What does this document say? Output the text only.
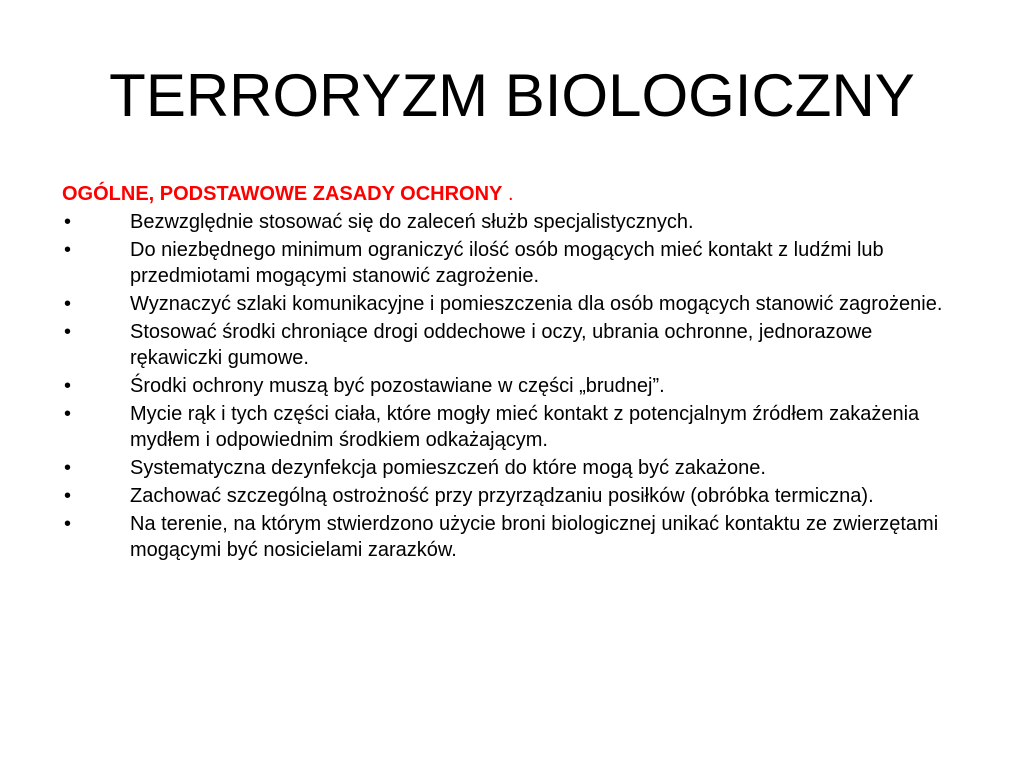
TERRORYZM BIOLOGICZNY
OGÓLNE, PODSTAWOWE ZASADY OCHRONY .
•	Bezwzględnie stosować się do zaleceń służb specjalistycznych.
•	Do niezbędnego minimum ograniczyć ilość osób mogących mieć kontakt z ludźmi lub przedmiotami mogącymi stanowić zagrożenie.
•	Wyznaczyć szlaki komunikacyjne i pomieszczenia dla osób mogących stanowić zagrożenie.
•	Stosować środki chroniące drogi oddechowe i oczy, ubrania ochronne, jednorazowe rękawiczki gumowe.
•	Środki ochrony muszą być pozostawiane w części „brudnej”.
•	Mycie rąk i tych części ciała, które mogły mieć kontakt z potencjalnym źródłem zakażenia mydłem i odpowiednim środkiem odkażającym.
•	Systematyczna dezynfekcja pomieszczeń do które mogą być zakażone.
•	Zachować szczególną ostrożność przy przyrządzaniu posiłków (obróbka termiczna).
•	Na terenie, na którym stwierdzono użycie broni biologicznej unikać kontaktu ze zwierzętami mogącymi być nosicielami zarazków.
